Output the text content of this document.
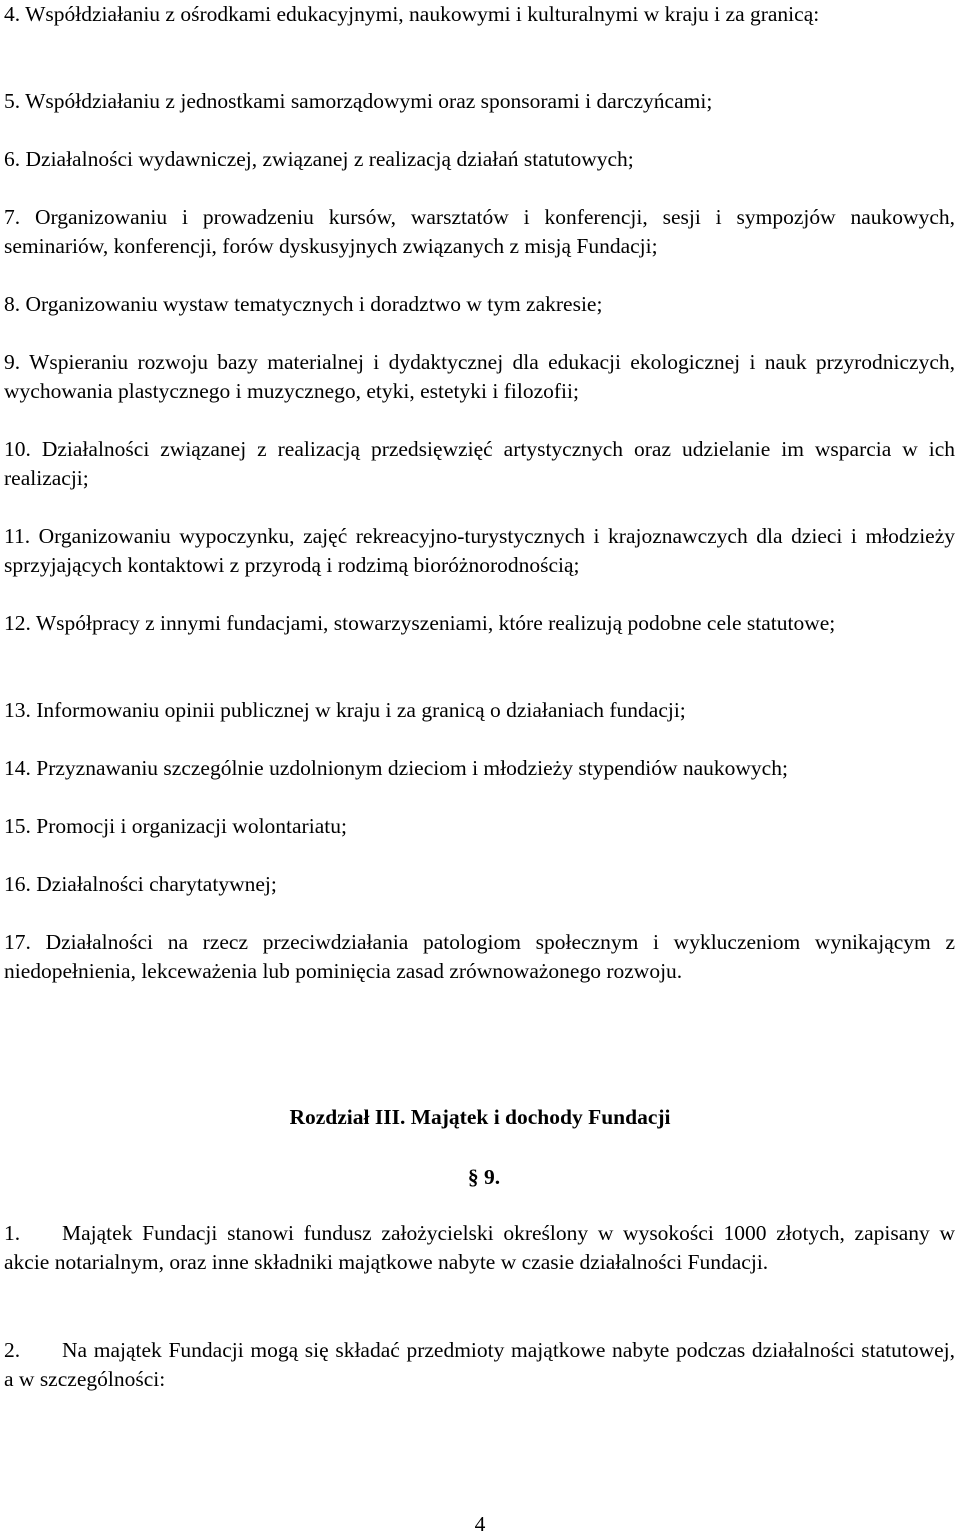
4. Współdziałaniu z ośrodkami edukacyjnymi, naukowymi i kulturalnymi w kraju i za granicą:

5. Współdziałaniu z jednostkami samorządowymi oraz sponsorami i darczyńcami;

6. Działalności wydawniczej, związanej z realizacją działań statutowych;

7. Organizowaniu i prowadzeniu kursów, warsztatów i konferencji, sesji i sympozjów naukowych, seminariów, konferencji, forów dyskusyjnych związanych z misją Fundacji;

8. Organizowaniu wystaw tematycznych i doradztwo w tym zakresie;

9. Wspieraniu rozwoju bazy materialnej i dydaktycznej dla edukacji ekologicznej i nauk przyrodniczych, wychowania plastycznego i muzycznego, etyki, estetyki i filozofii;

10. Działalności związanej z realizacją przedsięwzięć artystycznych oraz udzielanie im wsparcia w ich realizacji;

11. Organizowaniu wypoczynku, zajęć rekreacyjno-turystycznych i krajoznawczych dla dzieci i młodzieży sprzyjających kontaktowi z przyrodą i rodzimą bioróżnorodnością;

12. Współpracy z innymi fundacjami, stowarzyszeniami, które realizują podobne cele statutowe;

13. Informowaniu opinii publicznej w kraju i za granicą o działaniach fundacji;

14. Przyznawaniu szczególnie uzdolnionym dzieciom i młodzieży stypendiów naukowych;

15. Promocji i organizacji wolontariatu;

16. Działalności charytatywnej;

17. Działalności na rzecz przeciwdziałania patologiom społecznym i wykluczeniom wynikającym z niedopełnienia, lekceważenia lub pominięcia zasad zrównoważonego rozwoju.

Rozdział III. Majątek i dochody Fundacji
§ 9.

1. Majątek Fundacji stanowi fundusz założycielski określony w wysokości 1000 złotych, zapisany w akcie notarialnym, oraz inne składniki majątkowe nabyte w czasie działalności Fundacji.

2. Na majątek Fundacji mogą się składać przedmioty majątkowe nabyte podczas działalności statutowej, a w szczególności:

4
